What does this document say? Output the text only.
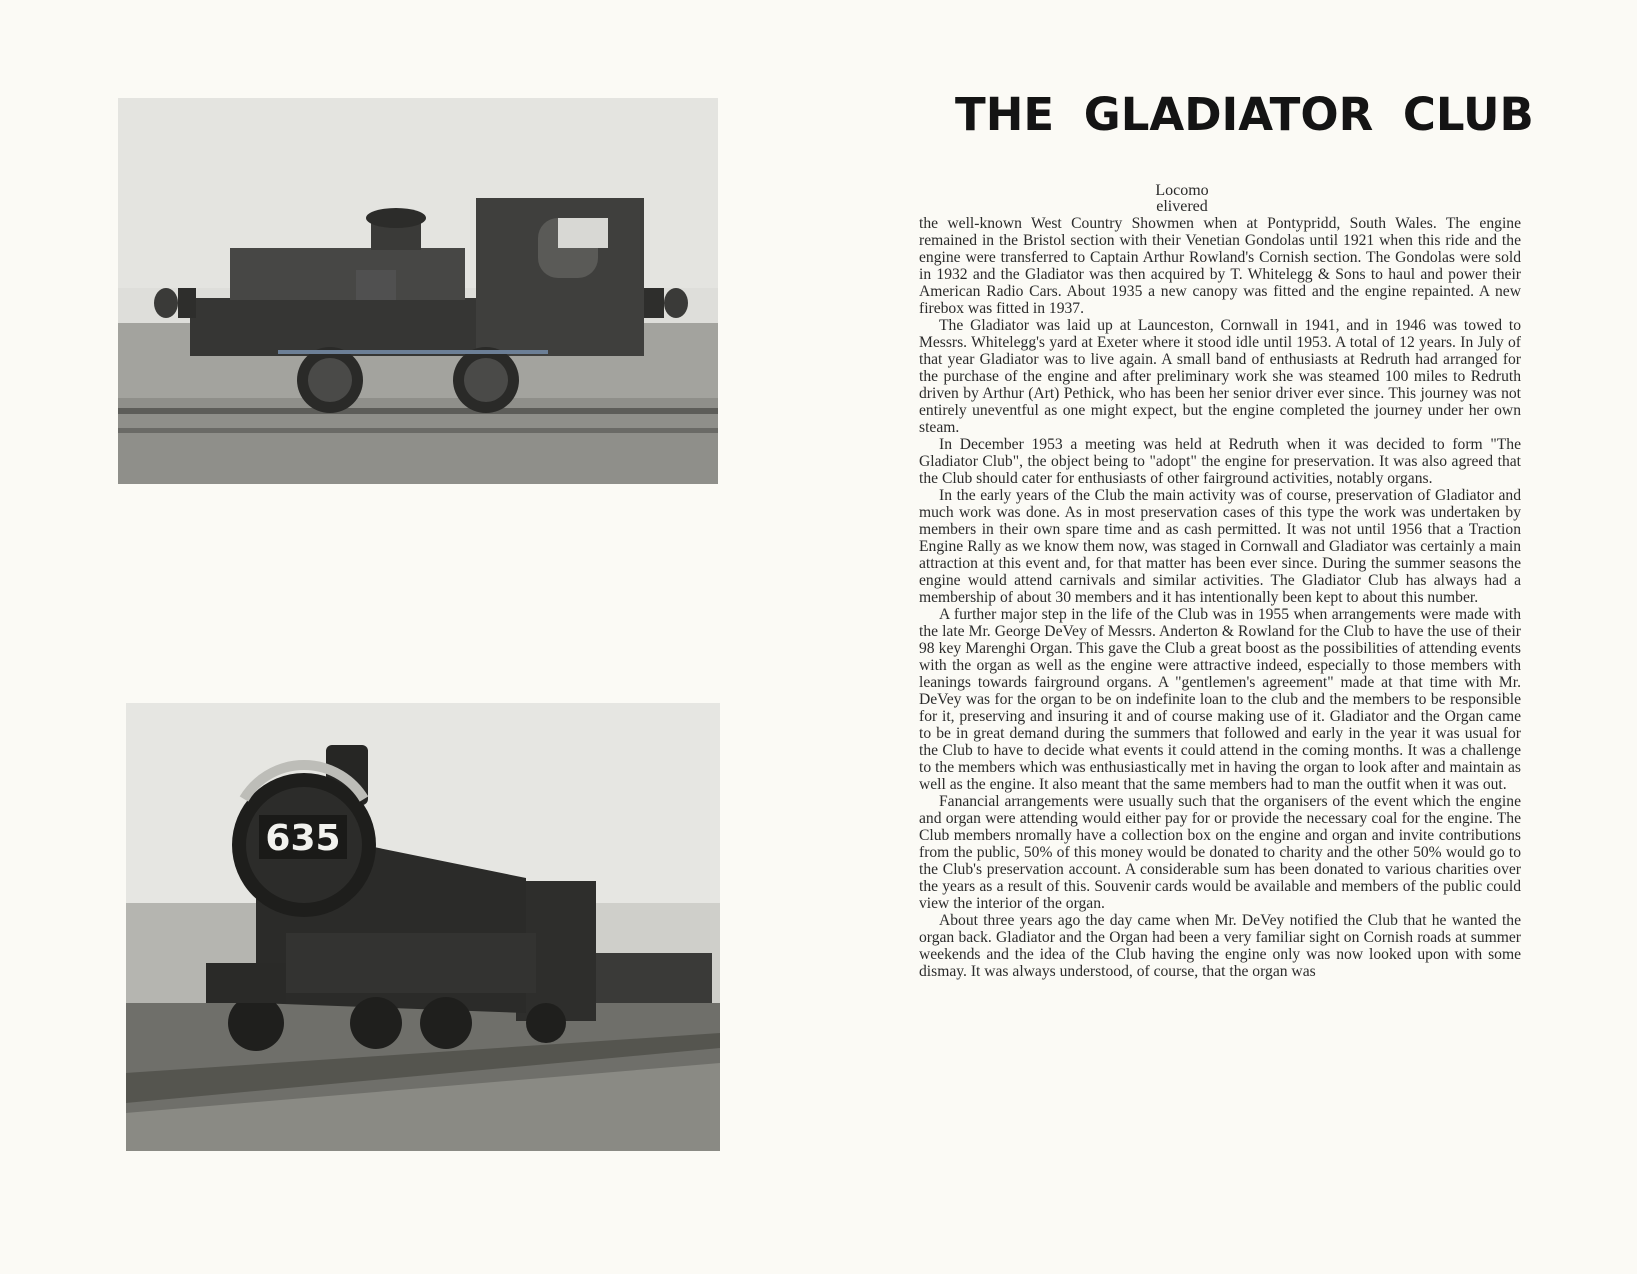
635
THE GLADIATOR CLUB
Locomo
elivered

the well-known West Country Showmen when at Pontypridd, South Wales. The engine remained in the Bristol section with their Venetian Gondolas until 1921 when this ride and the engine were transferred to Captain Arthur Rowland's Cornish section. The Gondolas were sold in 1932 and the Gladiator was then acquired by T. Whitelegg & Sons to haul and power their American Radio Cars. About 1935 a new canopy was fitted and the engine repainted. A new firebox was fitted in 1937.

The Gladiator was laid up at Launceston, Cornwall in 1941, and in 1946 was towed to Messrs. Whitelegg's yard at Exeter where it stood idle until 1953. A total of 12 years. In July of that year Gladiator was to live again. A small band of enthusiasts at Redruth had arranged for the purchase of the engine and after preliminary work she was steamed 100 miles to Redruth driven by Arthur (Art) Pethick, who has been her senior driver ever since. This journey was not entirely uneventful as one might expect, but the engine completed the journey under her own steam.

In December 1953 a meeting was held at Redruth when it was decided to form "The Gladiator Club", the object being to "adopt" the engine for preservation. It was also agreed that the Club should cater for enthusiasts of other fairground activities, notably organs.

In the early years of the Club the main activity was of course, preservation of Gladiator and much work was done. As in most preservation cases of this type the work was undertaken by members in their own spare time and as cash permitted. It was not until 1956 that a Traction Engine Rally as we know them now, was staged in Cornwall and Gladiator was certainly a main attraction at this event and, for that matter has been ever since. During the summer seasons the engine would attend carnivals and similar activities. The Gladiator Club has always had a membership of about 30 members and it has intentionally been kept to about this number.

A further major step in the life of the Club was in 1955 when arrangements were made with the late Mr. George DeVey of Messrs. Anderton & Rowland for the Club to have the use of their 98 key Marenghi Organ. This gave the Club a great boost as the possibilities of attending events with the organ as well as the engine were attractive indeed, especially to those members with leanings towards fairground organs. A "gentlemen's agreement" made at that time with Mr. DeVey was for the organ to be on indefinite loan to the club and the members to be responsible for it, preserving and insuring it and of course making use of it. Gladiator and the Organ came to be in great demand during the summers that followed and early in the year it was usual for the Club to have to decide what events it could attend in the coming months. It was a challenge to the members which was enthusiastically met in having the organ to look after and maintain as well as the engine. It also meant that the same members had to man the outfit when it was out.

Fanancial arrangements were usually such that the organisers of the event which the engine and organ were attending would either pay for or provide the necessary coal for the engine. The Club members nromally have a collection box on the engine and organ and invite contributions from the public, 50% of this money would be donated to charity and the other 50% would go to the Club's preservation account. A considerable sum has been donated to various charities over the years as a result of this. Souvenir cards would be available and members of the public could view the interior of the organ.

About three years ago the day came when Mr. DeVey notified the Club that he wanted the organ back. Gladiator and the Organ had been a very familiar sight on Cornish roads at summer weekends and the idea of the Club having the engine only was now looked upon with some dismay. It was always understood, of course, that the organ was
